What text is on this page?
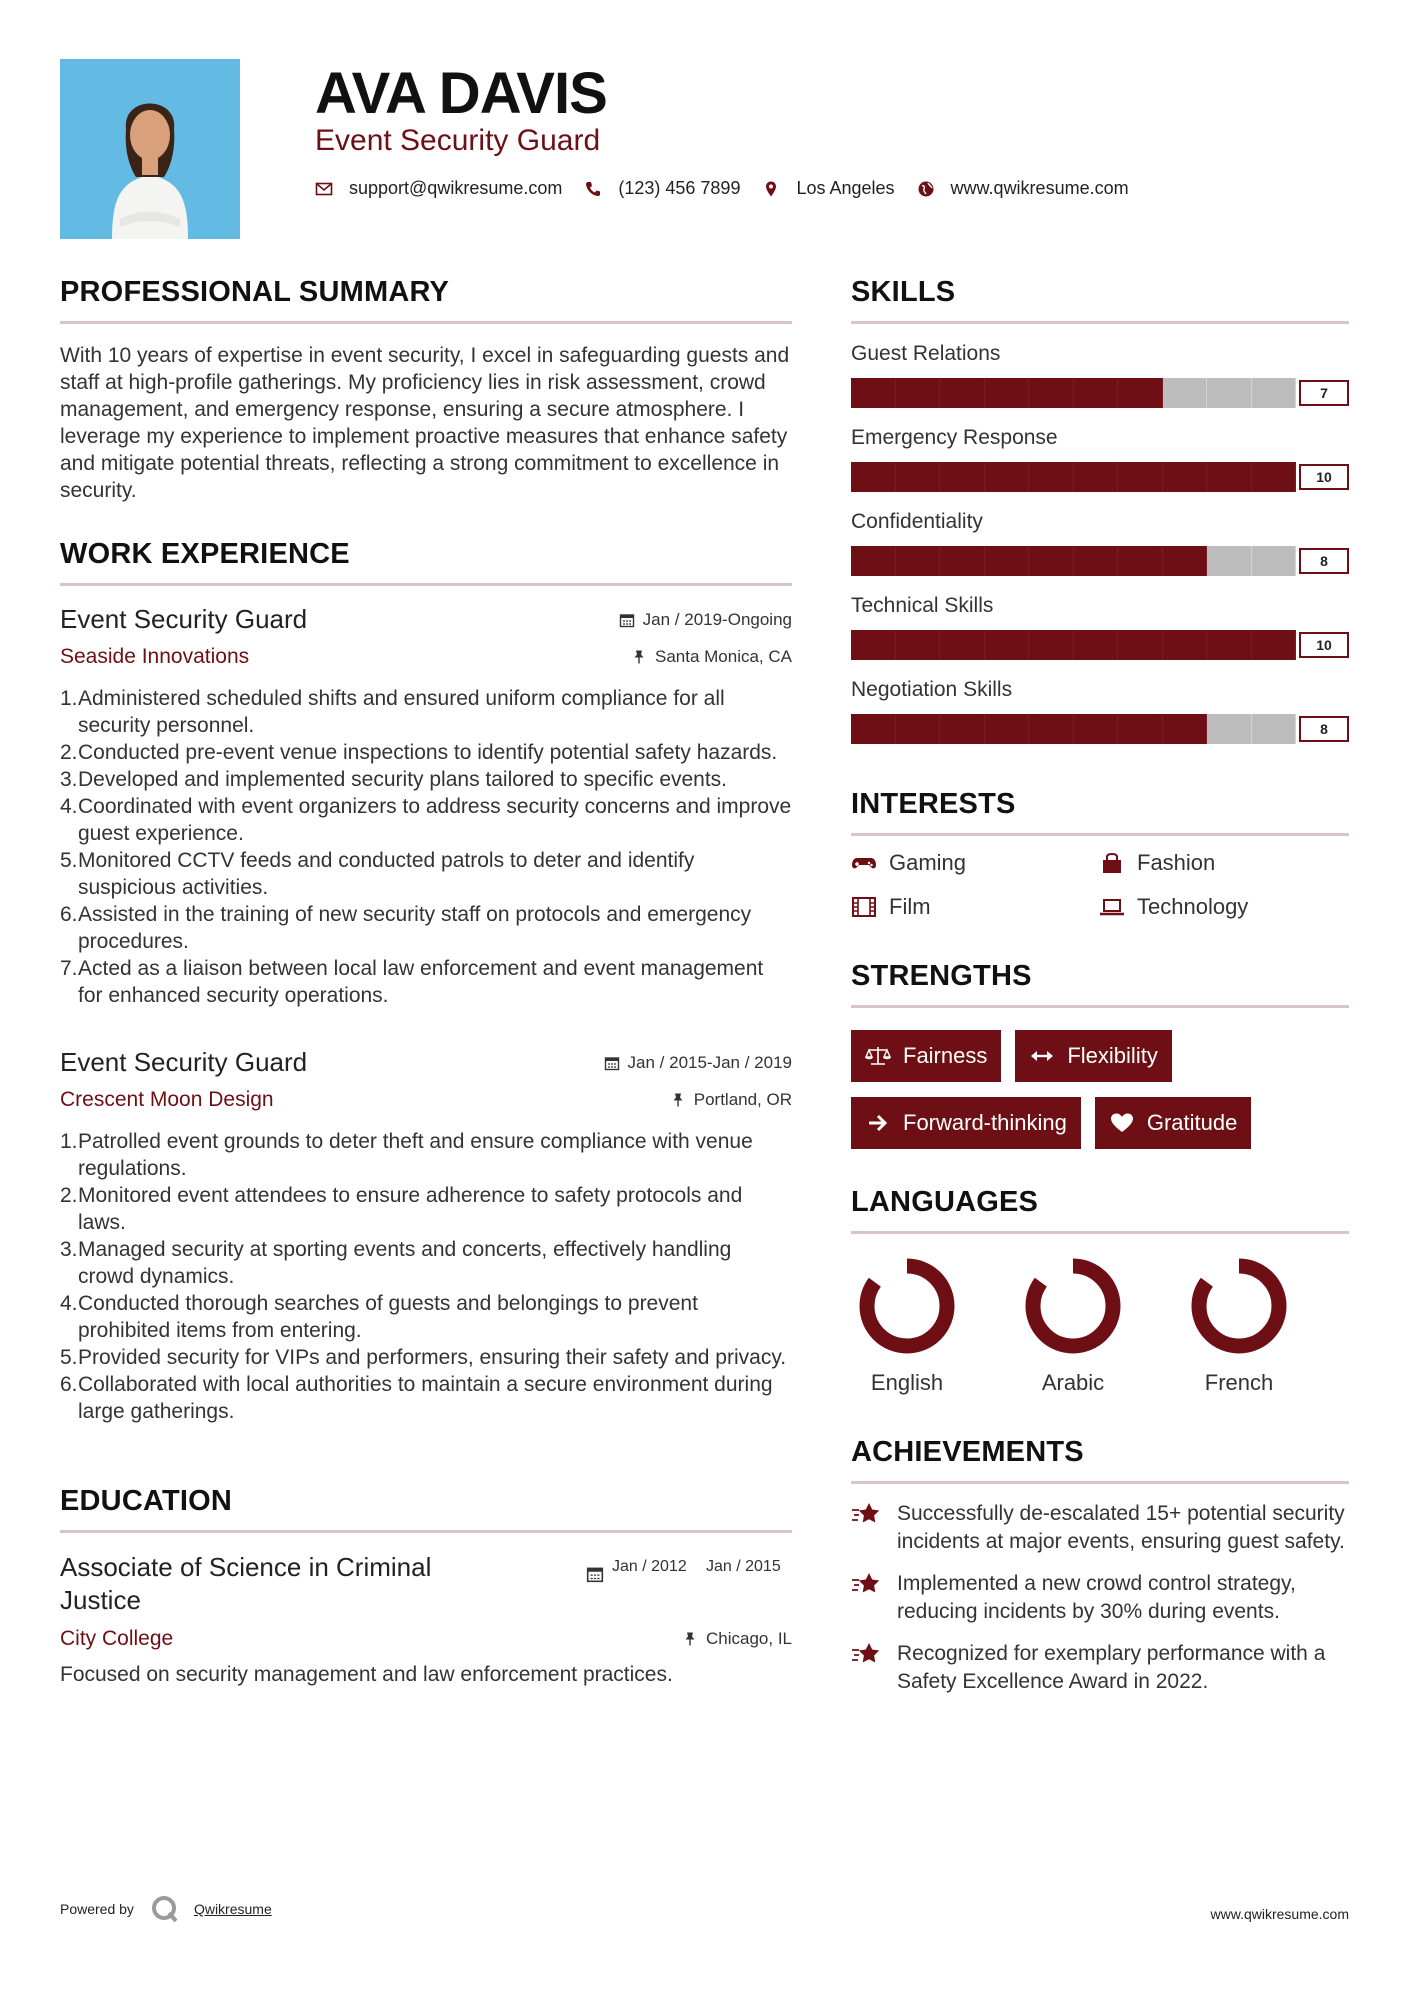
AVA DAVIS
Event Security Guard
support@qwikresume.com	(123) 456 7899	Los Angeles	www.qwikresume.com
PROFESSIONAL SUMMARY
With 10 years of expertise in event security, I excel in safeguarding guests and staff at high-profile gatherings. My proficiency lies in risk assessment, crowd management, and emergency response, ensuring a secure atmosphere. I leverage my experience to implement proactive measures that enhance safety and mitigate potential threats, reflecting a strong commitment to excellence in security.
WORK EXPERIENCE
Event Security Guard	Jan / 2019-Ongoing
Seaside Innovations	Santa Monica, CA
1. Administered scheduled shifts and ensured uniform compliance for all security personnel.
2. Conducted pre-event venue inspections to identify potential safety hazards.
3. Developed and implemented security plans tailored to specific events.
4. Coordinated with event organizers to address security concerns and improve guest experience.
5. Monitored CCTV feeds and conducted patrols to deter and identify suspicious activities.
6. Assisted in the training of new security staff on protocols and emergency procedures.
7. Acted as a liaison between local law enforcement and event management for enhanced security operations.
Event Security Guard	Jan / 2015-Jan / 2019
Crescent Moon Design	Portland, OR
1. Patrolled event grounds to deter theft and ensure compliance with venue regulations.
2. Monitored event attendees to ensure adherence to safety protocols and laws.
3. Managed security at sporting events and concerts, effectively handling crowd dynamics.
4. Conducted thorough searches of guests and belongings to prevent prohibited items from entering.
5. Provided security for VIPs and performers, ensuring their safety and privacy.
6. Collaborated with local authorities to maintain a secure environment during large gatherings.
EDUCATION
Associate of Science in Criminal Justice
Jan / 2012	Jan / 2015
City College	Chicago, IL
Focused on security management and law enforcement practices.
SKILLS
Guest Relations
7
Emergency Response
10
Confidentiality
8
Technical Skills
10
Negotiation Skills
8
INTERESTS
Gaming	Fashion
Film	Technology
STRENGTHS
Fairness	Flexibility
Forward-thinking	Gratitude
LANGUAGES
English	Arabic	French
ACHIEVEMENTS
Successfully de-escalated 15+ potential security incidents at major events, ensuring guest safety.
Implemented a new crowd control strategy, reducing incidents by 30% during events.
Recognized for exemplary performance with a Safety Excellence Award in 2022.
Powered by	Qwikresume	www.qwikresume.com
